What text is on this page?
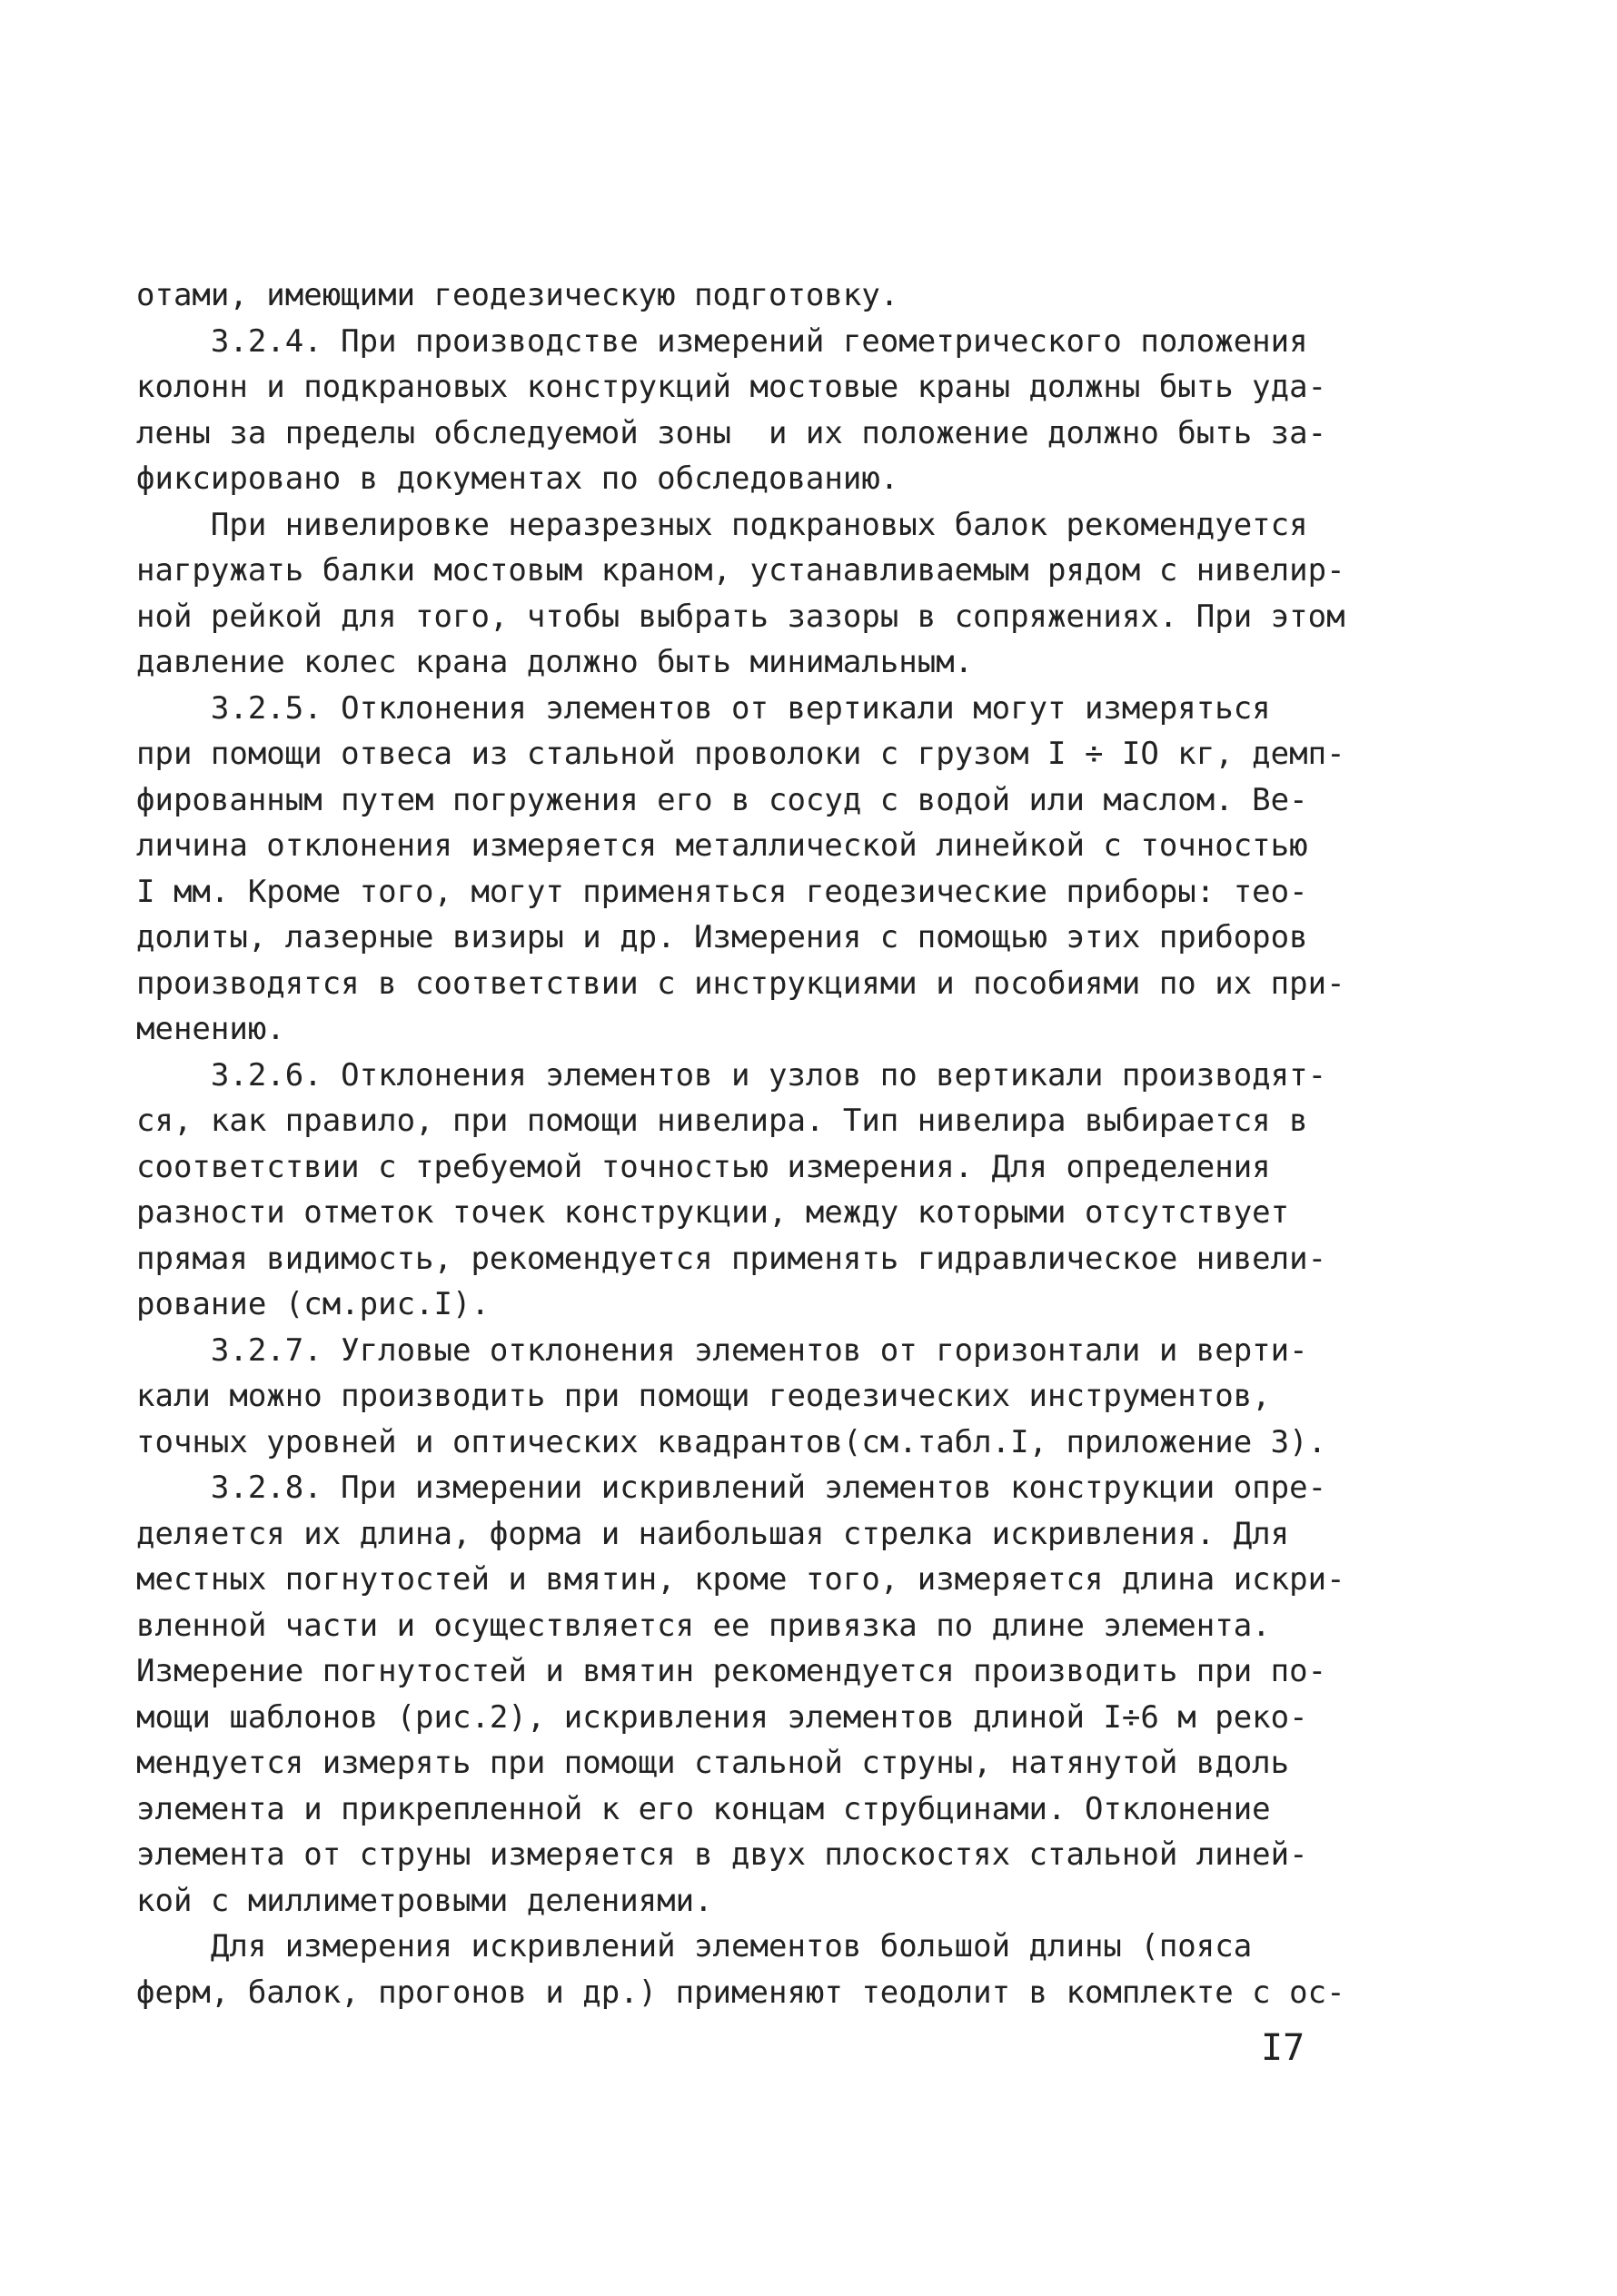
отами, имеющими геодезическую подготовку.
3.2.4. При производстве измерений геометрического положения
колонн и подкрановых конструкций мостовые краны должны быть уда-
лены за пределы обследуемой зоны  и их положение должно быть за-
фиксировано в документах по обследованию.
При нивелировке неразрезных подкрановых балок рекомендуется
нагружать балки мостовым краном, устанавливаемым рядом с нивелир-
ной рейкой для того, чтобы выбрать зазоры в сопряжениях. При этом
давление колес крана должно быть минимальным.
3.2.5. Отклонения элементов от вертикали могут измеряться
при помощи отвеса из стальной проволоки с грузом I ÷ IO кг, демп-
фированным путем погружения его в сосуд с водой или маслом. Ве-
личина отклонения измеряется металлической линейкой с точностью
I мм. Кроме того, могут применяться геодезические приборы: тео-
долиты, лазерные визиры и др. Измерения с помощью этих приборов
производятся в соответствии с инструкциями и пособиями по их при-
менению.
3.2.6. Отклонения элементов и узлов по вертикали производят-
ся, как правило, при помощи нивелира. Тип нивелира выбирается в
соответствии с требуемой точностью измерения. Для определения
разности отметок точек конструкции, между которыми отсутствует
прямая видимость, рекомендуется применять гидравлическое нивели-
рование (см.рис.I).
3.2.7. Угловые отклонения элементов от горизонтали и верти-
кали можно производить при помощи геодезических инструментов,
точных уровней и оптических квадрантов(см.табл.I, приложение 3).
3.2.8. При измерении искривлений элементов конструкции опре-
деляется их длина, форма и наибольшая стрелка искривления. Для
местных погнутостей и вмятин, кроме того, измеряется длина искри-
вленной части и осуществляется ее привязка по длине элемента.
Измерение погнутостей и вмятин рекомендуется производить при по-
мощи шаблонов (рис.2), искривления элементов длиной I÷6 м реко-
мендуется измерять при помощи стальной струны, натянутой вдоль
элемента и прикрепленной к его концам струбцинами. Отклонение
элемента от струны измеряется в двух плоскостях стальной линей-
кой с миллиметровыми делениями.
Для измерения искривлений элементов большой длины (пояса
ферм, балок, прогонов и др.) применяют теодолит в комплекте с ос-
I7
